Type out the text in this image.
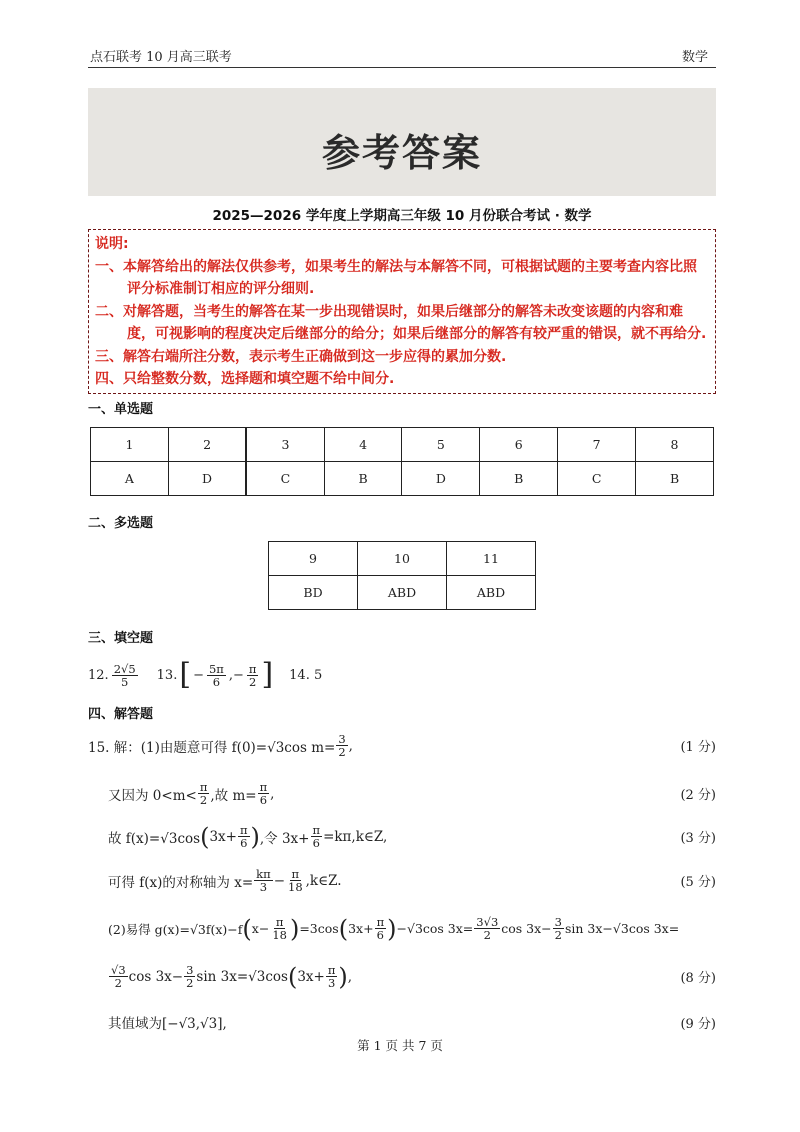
点石联考 10 月高三联考	数学
参考答案
2025—2026 学年度上学期高三年级 10 月份联合考试 · 数学
说明:
一、本解答给出的解法仅供参考，如果考生的解法与本解答不同，可根据试题的主要考查内容比照评分标准制订相应的评分细则.
二、对解答题，当考生的解答在某一步出现错误时，如果后继部分的解答未改变该题的内容和难度，可视影响的程度决定后继部分的给分；如果后继部分的解答有较严重的错误，就不再给分.
三、解答右端所注分数，表示考生正确做到这一步应得的累加分数.
四、只给整数分数，选择题和填空题不给中间分.
一、单选题
1	2	3	4	5	6	7	8
A	D	C	B	D	B	C	B
二、多选题
9	10	11
BD	ABD	ABD
三、填空题
12. $\frac{2√5}{5} 13$. [ − $\frac{5\pi}{6}$ ,− $\frac{\pi}{2}$ ] 14. 5
四、解答题
15. 解：(1)由题意可得 f(0)=√3cos $m= \frac{3}{2}$ ,	(1 分)
又因为 $0<m< \frac{\pi}{2}$ ,故 $m= \frac{\pi}{6}$ ,	(2 分)
故 f(x)=√3cos ( $3x+ \frac{\pi}{6}$ ) ,令 $3x+ \frac{\pi}{6}$ =kπ,k∈Z,	(3 分)
可得 f(x)的对称轴为 $x= \frac{k\pi}{3} - \frac{\pi}{18}$ ,k∈Z.	(5 分)
(2)易得 g(x)=√3f(x)−f ( $x- \frac{\pi}{18}$ ) =3cos ( $3x+ \frac{\pi}{6}$ ) −√3cos $3x= \frac{3√3}{2}$ $\cos 3x- \frac{3}{2}$ sin 3x−√3cos 3x=
$\frac{√3}{2}$ $\cos 3x- \frac{3}{2}$ sin 3x=√3cos ( $3x+ \frac{\pi}{3}$ ) ,	(8 分)
其值域为[−√3,√3],	(9 分)
第 1 页 共 7 页
